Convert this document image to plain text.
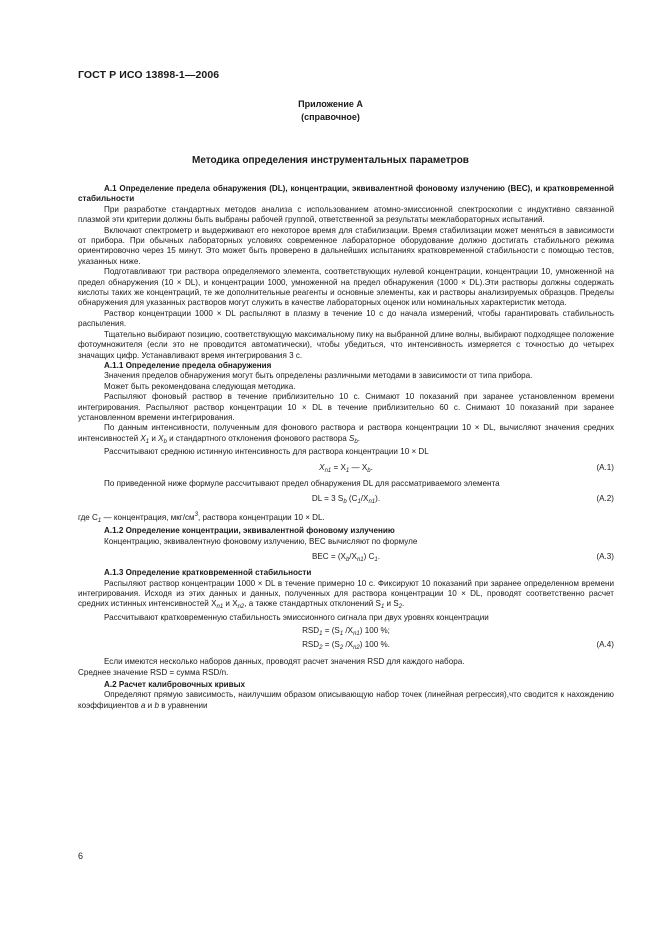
ГОСТ Р ИСО 13898-1—2006
Приложение А
(справочное)
Методика определения инструментальных параметров
А.1 Определение предела обнаружения (DL), концентрации, эквивалентной фоновому излучению (ВЕС), и кратковременной стабильности

При разработке стандартных методов анализа с использованием атомно-эмиссионной спектроскопии с индуктивно связанной плазмой эти критерии должны быть выбраны рабочей группой, ответственной за результаты межлабораторных испытаний.

Включают спектрометр и выдерживают его некоторое время для стабилизации. Время стабилизации может меняться в зависимости от прибора. При обычных лабораторных условиях современное лабораторное оборудование должно достигать стабильного режима ориентировочно через 15 минут. Это может быть проверено в дальнейших испытаниях кратковременной стабильности с помощью тестов, указанных ниже.

Подготавливают три раствора определяемого элемента, соответствующих нулевой концентрации, концентрации 10, умноженной на предел обнаружения (10 × DL), и концентрации 1000, умноженной на предел обнаружения (1000 × DL).Эти растворы должны содержать кислоты таких же концентраций, те же дополнительные реагенты и основные элементы, как и растворы анализируемых образцов. Пределы обнаружения для указанных растворов могут служить в качестве лабораторных оценок или номинальных характеристик метода.

Раствор концентрации 1000 × DL распыляют в плазму в течение 10 с до начала измерений, чтобы гарантировать стабильность распыления.

Тщательно выбирают позицию, соответствующую максимальному пику на выбранной длине волны, выбирают подходящее положение фотоумножителя (если это не проводится автоматически), чтобы убедиться, что интенсивность измеряется с точностью до четырех значащих цифр. Устанавливают время интегрирования 3 с.

А.1.1 Определение предела обнаружения

Значения пределов обнаружения могут быть определены различными методами в зависимости от типа прибора.

Может быть рекомендована следующая методика.

Распыляют фоновый раствор в течение приблизительно 10 с. Снимают 10 показаний при заранее установленном времени интегрирования. Распыляют раствор концентрации 10 × DL в течение приблизительно 60 с. Снимают 10 показаний при заранее установленном времени интегрирования.

По данным интенсивности, полученным для фонового раствора и раствора концентрации 10 × DL, вычисляют значения средних интенсивностей $X_1$ и $X_b$ и стандартного отклонения фонового раствора $S_b$.

Рассчитывают среднюю истинную интенсивность для раствора концентрации 10 × DL

$X_{n1} = X_1$ — $X_b$.	(А.1)

По приведенной ниже формуле рассчитывают предел обнаружения DL для рассматриваемого элемента

DL = 3 $S_b$ $(C_1/X_{n1})$.	(А.2)

где $C_1$ — концентрация, мкг/$см^3$, раствора концентрации 10 × DL.

А.1.2 Определение концентрации, эквивалентной фоновому излучению

Концентрацию, эквивалентную фоновому излучению, ВЕС вычисляют по формуле

ВЕС = $(X_b/X_{n1})$ $C_1$.	(А.3)
А.1.3 Определение кратковременной стабильности

Распыляют раствор концентрации 1000 × DL в течение примерно 10 с. Фиксируют 10 показаний при заранее определенном времени интегрирования. Исходя из этих данных и данных, полученных для раствора концентрации 10 × DL, проводят соответственно расчет средних истинных интенсивностей $X_{n1}$ и $X_{n2}$, а также стандартных отклонений $S_1$ и $S_2$.

Рассчитывают кратковременную стабильность эмиссионного сигнала при двух уровнях концентрации

$RSD_1 = (S_1$ $/X_{n1}$) 100 %;
$RSD_2 = (S_2$ $/X_{n2}$) 100 %.	(А.4)

Если имеются несколько наборов данных, проводят расчет значения RSD для каждого набора.

Среднее значение RSD = сумма RSD/n.

А.2 Расчет калибровочных кривых

Определяют прямую зависимость, наилучшим образом описывающую набор точек (линейная регрессия),что сводится к нахождению коэффициентов a и b в уравнении

6
